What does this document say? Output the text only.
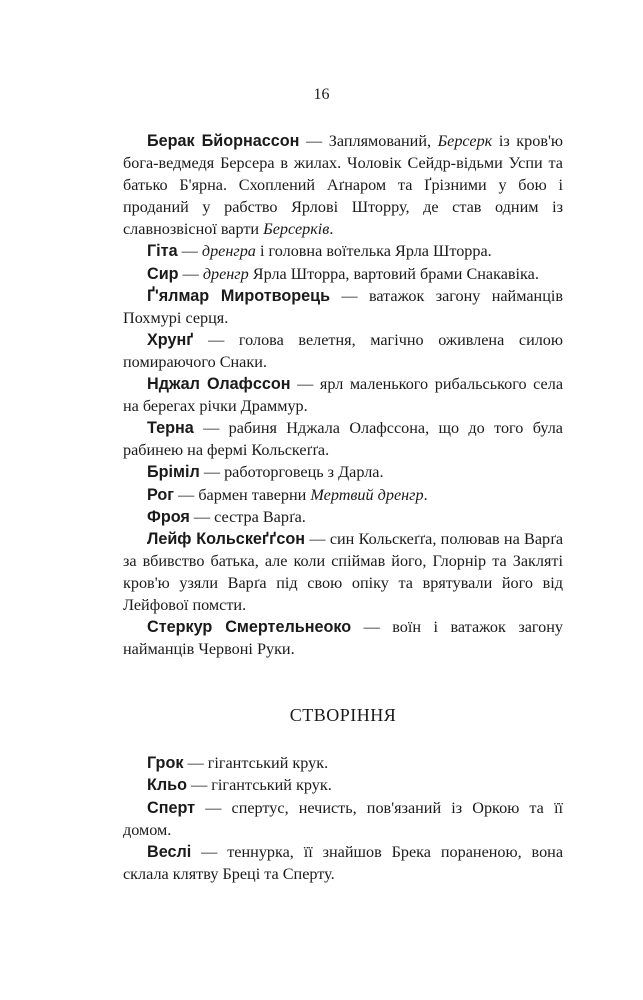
16

Берак Бйорнассон — Заплямований, Берсерк із кров'ю бога-ведмедя Берсера в жилах. Чоловік Сейдр-відьми Успи та батько Б'ярна. Схоплений Аґнаром та Ґрізними у бою і проданий у рабство Ярлові Шторру, де став одним із славнозвісної варти Берсерків.

Гіта — дренгра і головна воїтелька Ярла Шторра.

Сир — дренгр Ярла Шторра, вартовий брами Снакавіка.

Ґ'ялмар Миротворець — ватажок загону найманців Похмурі серця.

Хрунґ — голова велетня, магічно оживлена силою помираючого Снаки.

Нджал Олафссон — ярл маленького рибальського села на берегах річки Драммур.

Терна — рабиня Нджала Олафссона, що до того була рабинею на фермі Кольскеґґа.

Бріміл — работорговець з Дарла.

Рог — бармен таверни Мертвий дренгр.

Фроя — сестра Варґа.

Лейф Кольскеґґсон — син Кольскеґґа, полював на Варґа за вбивство батька, але коли спіймав його, Глорнір та Закляті кров'ю узяли Варґа під свою опіку та врятували його від Лейфової помсти.

Стеркур Смертельнеоко — воїн і ватажок загону найманців Червоні Руки.

СТВОРІННЯ

Грок — гігантський крук.

Кльо — гігантський крук.

Сперт — спертус, нечисть, пов'язаний із Оркою та її домом.

Веслі — теннурка, її знайшов Брека пораненою, вона склала клятву Бреці та Сперту.
